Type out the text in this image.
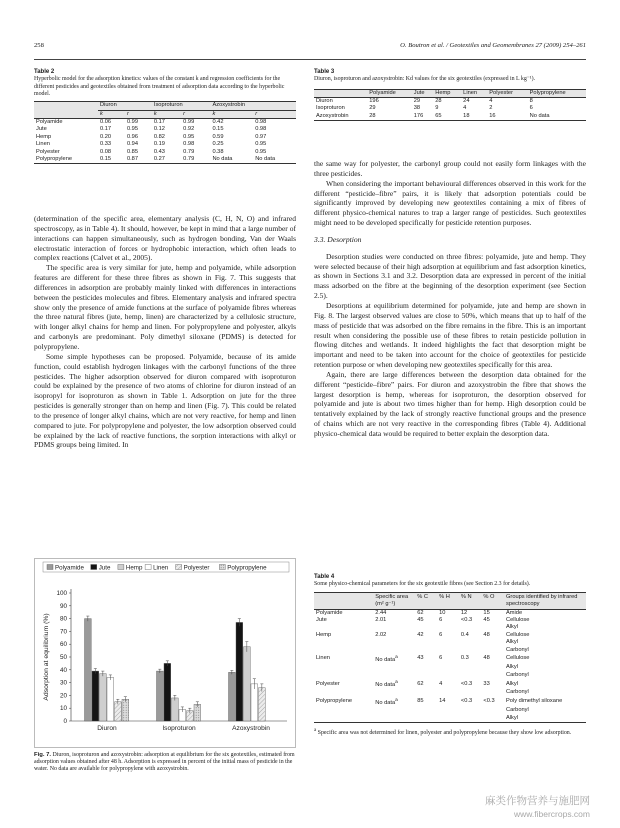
258	O. Boutron et al. / Geotextiles and Geomembranes 27 (2009) 254–261
Table 2
Hyperbolic model for the adsorption kinetics: values of the constant k and regression coefficients for the different pesticides and geotextiles obtained from treatment of adsorption data according to the hyperbolic model.
	Diuron		Isoproturon		Azoxystrobin	
	k	r	k	r	k	r
Polyamide	0.06	0.99	0.17	0.99	0.42	0.98
Jute	0.17	0.95	0.12	0.92	0.15	0.98
Hemp	0.20	0.96	0.82	0.95	0.59	0.97
Linen	0.33	0.94	0.19	0.98	0.25	0.95
Polyester	0.08	0.85	0.43	0.79	0.38	0.95
Polypropylene	0.15	0.87	0.27	0.79	No data	No data
Table 3
Diuron, isoproturon and azoxystrobin: Kd values for the six geotextiles (expressed in L kg⁻¹).
	Polyamide	Jute	Hemp	Linen	Polyester	Polypropylene
Diuron	196	29	28	24	4	8
Isoproturon	29	38	9	4	2	6
Azoxystrobin	28	176	65	18	16	No data

(determination of the specific area, elementary analysis (C, H, N, O) and infrared spectroscopy, as in Table 4). It should, however, be kept in mind that a large number of interactions can happen simultaneously, such as hydrogen bonding, Van der Waals electrostatic interaction of forces or hydrophobic interaction, which often leads to complex reactions (Calvet et al., 2005).

The specific area is very similar for jute, hemp and polyamide, while adsorption features are different for these three fibres as shown in Fig. 7. This suggests that differences in adsorption are probably mainly linked with differences in interactions between the pesticides molecules and fibres. Elementary analysis and infrared spectra show only the presence of amide functions at the surface of polyamide fibres whereas the three natural fibres (jute, hemp, linen) are characterized by a cellulosic structure, with longer alkyl chains for hemp and linen. For polypropylene and polyester, alkyls and carbonyls are predominant. Poly dimethyl siloxane (PDMS) is detected for polypropylene.

Some simple hypotheses can be proposed. Polyamide, because of its amide function, could establish hydrogen linkages with the carbonyl functions of the three pesticides. The higher adsorption observed for diuron compared with isoproturon could be explained by the presence of two atoms of chlorine for diuron instead of an isopropyl for isoproturon as shown in Table 1. Adsorption on jute for the three pesticides is generally stronger than on hemp and linen (Fig. 7). This could be related to the presence of longer alkyl chains, which are not very reactive, for hemp and linen compared to jute. For polypropylene and polyester, the low adsorption observed could be explained by the lack of reactive functions, the sorption interactions with alkyl or PDMS groups being limited. In

the same way for polyester, the carbonyl group could not easily form linkages with the three pesticides.

When considering the important behavioural differences observed in this work for the different “pesticide–fibre” pairs, it is likely that adsorption potentials could be significantly improved by developing new geotextiles containing a mix of fibres of different physico-chemical natures to trap a larger range of pesticides. Such geotextiles might need to be developed specifically for pesticide retention purposes.

3.3. Desorption

Desorption studies were conducted on three fibres: polyamide, jute and hemp. They were selected because of their high adsorption at equilibrium and fast adsorption kinetics, as shown in Sections 3.1 and 3.2. Desorption data are expressed in percent of the initial mass adsorbed on the fibre at the beginning of the desorption experiment (see Section 2.5).

Desorptions at equilibrium determined for polyamide, jute and hemp are shown in Fig. 8. The largest observed values are close to 50%, which means that up to half of the mass of pesticide that was adsorbed on the fibre remains in the fibre. This is an important result when considering the possible use of these fibres to retain pesticide pollution in flowing ditches and wetlands. It indeed highlights the fact that desorption might be important and need to be taken into account for the choice of geotextiles for pesticide retention purpose or when developing new geotextiles specifically for this area.

Again, there are large differences between the desorption data obtained for the different “pesticide–fibre” pairs. For diuron and azoxystrobin the fibre that shows the largest desorption is hemp, whereas for isoproturon, the desorption observed for polyamide and jute is about two times higher than for hemp. High desorption could be tentatively explained by the lack of strongly reactive functional groups and the presence of chains which are not very reactive in the corresponding fibres (Table 4). Additional physico-chemical data would be required to better explain the desorption data.

Polyamide Jute Hemp Linen Polyester	Polypropylene
0
10
20
30
40
50
60
70
80
90
100
Adsorption at equilibrium (%)
Diuron	Isoproturon	Azoxystrobin
Fig. 7. Diuron, isoproturon and azoxystrobin: adsorption at equilibrium for the six geotextiles, estimated from adsorption values obtained after 48 h. Adsorption is expressed in percent of the initial mass of pesticide in the water. No data are available for polypropylene with azoxystrobin.
Table 4
Some physico-chemical parameters for the six geotextile fibres (see Section 2.3 for details).
	Specific area (m² g⁻¹)	% C	% H	% N	% O	Groups identified by infrared spectroscopy
Polyamide	2.44	62	10	12	15	Amide
Jute	2.01	45	6	<0.3	45	Cellulose
						Alkyl
Hemp	2.02	42	6	0.4	48	Cellulose
						Alkyl
						Carbonyl
Linen	No data$^a$	43	6	0.3	48	Cellulose
						Alkyl
						Carbonyl
Polyester	No data$^a$	62	4	<0.3	33	Alkyl
						Carbonyl
Polypropylene	No data$^a$	85	14	<0.3	<0.3	Poly dimethyl siloxane
						Carbonyl
						Alkyl
$^a$ Specific area was not determined for linen, polyester and polypropylene because they show low adsorption.
麻类作物营养与施肥网
www.fibercrops.com
